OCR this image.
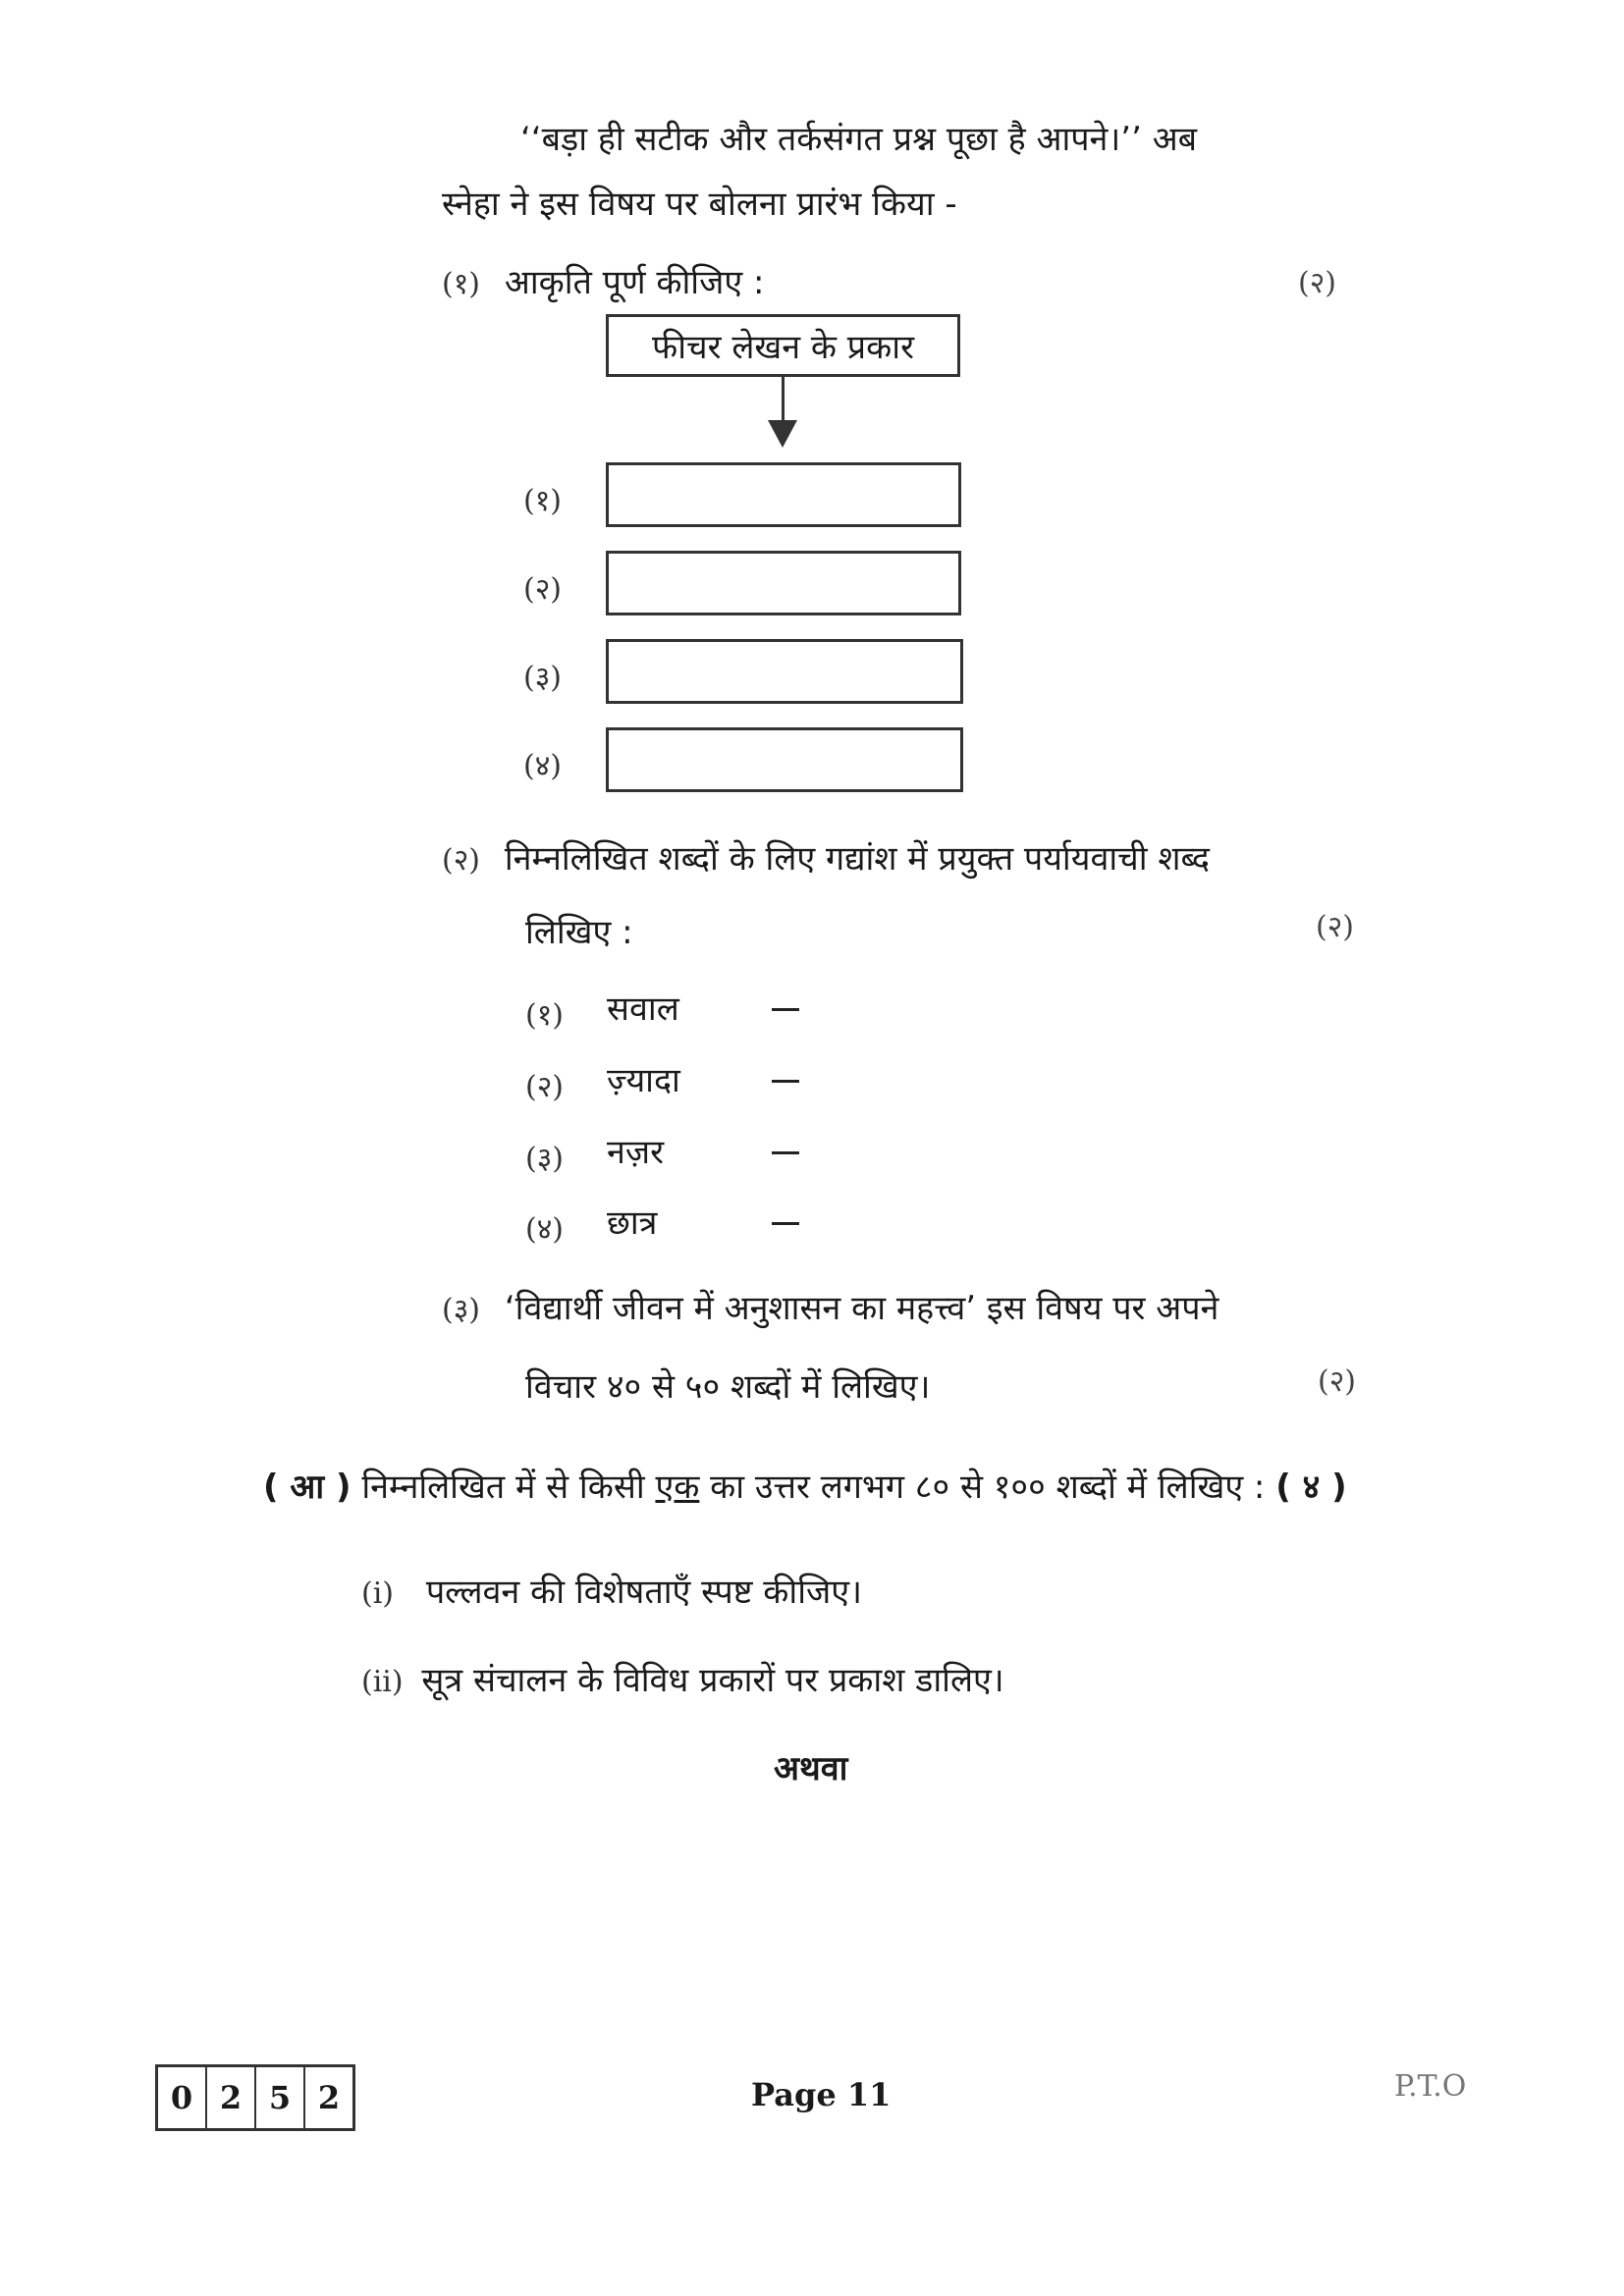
‘‘बड़ा ही सटीक और तर्कसंगत प्रश्न पूछा है आपने।’’ अब
स्नेहा ने इस विषय पर बोलना प्रारंभ किया -
(१) आकृति पूर्ण कीजिए :	(२)
फीचर लेखन के प्रकार
(१)
(२)
(३)
(४)
(२) निम्नलिखित शब्दों के लिए गद्यांश में प्रयुक्त पर्यायवाची शब्द
लिखिए :	(२)
(१) सवाल
(२) ज़्यादा
(३) नज़र
(४) छात्र
(३) ‘विद्यार्थी जीवन में अनुशासन का महत्त्व’ इस विषय पर अपने
विचार ४० से ५० शब्दों में लिखिए।	(२)
( आ ) निम्नलिखित में से किसी एक का उत्तर लगभग ८० से १०० शब्दों में लिखिए : ( ४ )
(i) पल्लवन की विशेषताएँ स्पष्ट कीजिए।
(ii) सूत्र संचालन के विविध प्रकारों पर प्रकाश डालिए।
अथवा
0 2 5 2	Page 11	P.T.O
